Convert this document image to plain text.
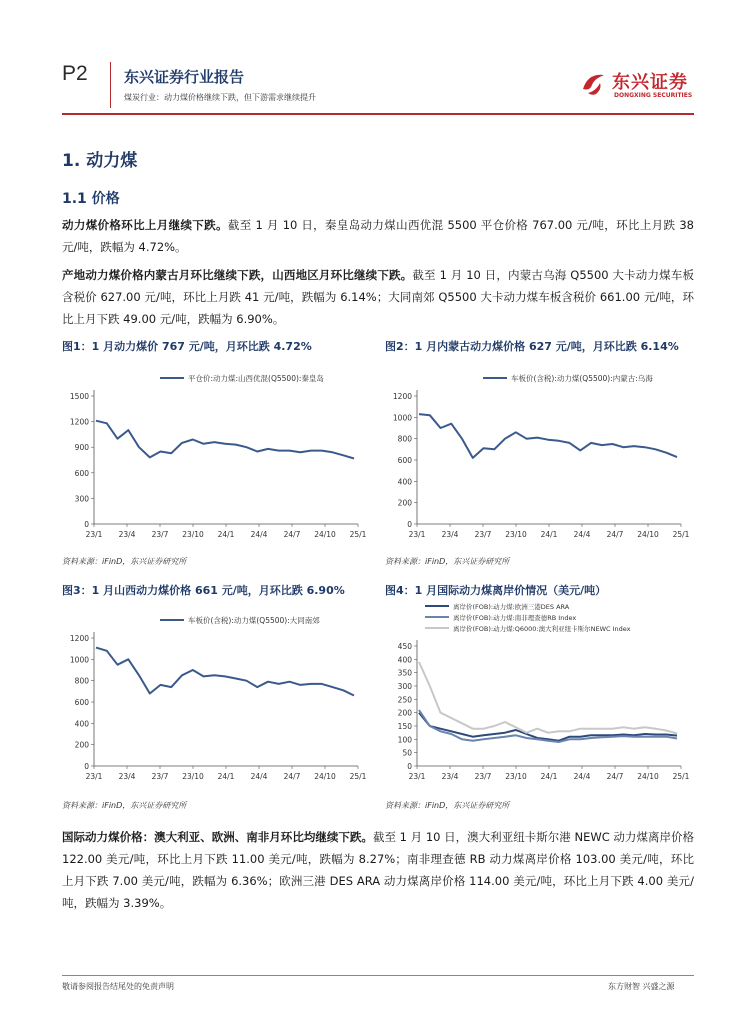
P2 东兴证券行业报告
煤炭行业：动力煤价格继续下跌，但下游需求继续提升
东兴证券
DONGXING SECURITIES
1. 动力煤
1.1 价格
动力煤价格环比上月继续下跌。截至 1 月 10 日，秦皇岛动力煤山西优混 5500 平仓价格 767.00 元/吨，环比上月跌 38 元/吨，跌幅为 4.72%。
产地动力煤价格内蒙古月环比继续下跌，山西地区月环比继续下跌。截至 1 月 10 日，内蒙古乌海 Q5500 大卡动力煤车板含税价 627.00 元/吨，环比上月跌 41 元/吨，跌幅为 6.14%；大同南郊 Q5500 大卡动力煤车板含税价 661.00 元/吨，环比上月下跌 49.00 元/吨，跌幅为 6.90%。
图1：1 月动力煤价 767 元/吨，月环比跌 4.72%	图2：1 月内蒙古动力煤价格 627 元/吨，月环比跌 6.14%
图3：1 月山西动力煤价格 661 元/吨，月环比跌 6.90%	图4：1 月国际动力煤离岸价情况（美元/吨）
1500
1200
900
600
300
0
23/1 23/4 23/7 23/10 24/1 24/4 24/7 24/10 25/1
平仓价:动力煤:山西优混(Q5500):秦皇岛
1200
1000
800
600
400
200
0
23/1 23/4 23/7 23/10 24/1 24/4 24/7 24/10 25/1
车板价(含税):动力煤(Q5500):内蒙古:乌海
1200
1000
800
600
400
200
0
23/1 23/4 23/7 23/10 24/1 24/4 24/7 24/10 25/1
车板价(含税):动力煤(Q5500):大同南郊
450
400
350
300
250
200
150
100
50
0
23/1 23/4 23/7 23/10 24/1 24/4 24/7 24/10 25/1
离岸价(FOB):动力煤:欧洲三港DES ARA
离岸价(FOB):动力煤:南非理查德RB Index
离岸价(FOB):动力煤:Q6000:澳大利亚纽卡斯尔NEWC Index
资料来源：iFinD，东兴证券研究所	资料来源：iFinD，东兴证券研究所
资料来源：iFinD，东兴证券研究所	资料来源：iFinD，东兴证券研究所
国际动力煤价格：澳大利亚、欧洲、南非月环比均继续下跌。截至 1 月 10 日，澳大利亚纽卡斯尔港 NEWC 动力煤离岸价格 122.00 美元/吨，环比上月下跌 11.00 美元/吨，跌幅为 8.27%；南非理查德 RB 动力煤离岸价格 103.00 美元/吨，环比上月下跌 7.00 美元/吨，跌幅为 6.36%；欧洲三港 DES ARA 动力煤离岸价格 114.00 美元/吨，环比上月下跌 4.00 美元/吨，跌幅为 3.39%。
敬请参阅报告结尾处的免责声明	东方财智 兴盛之源
